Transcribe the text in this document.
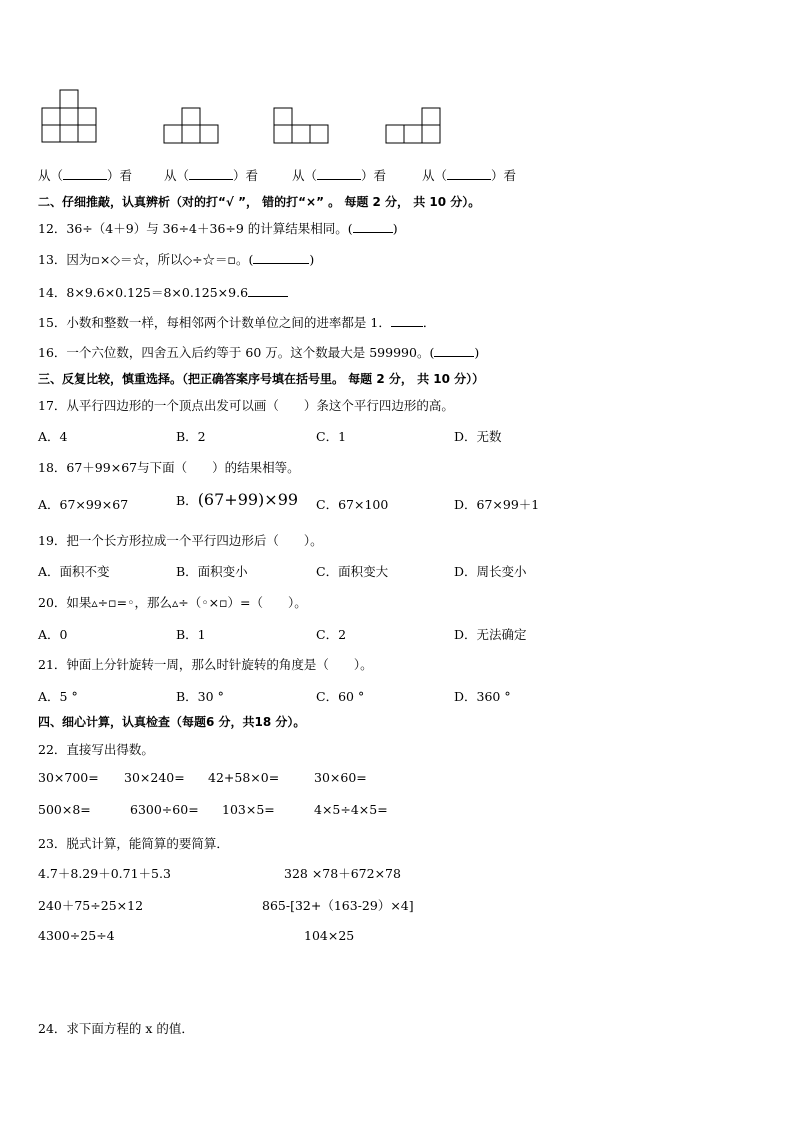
从（	）看	从（	）看	从（	）看	从（	）看
二、仔细推敲，认真辨析（对的打“√ ”， 错的打“×” 。 每题 2 分， 共 10 分）。
12．36÷（4＋9）与 36÷4＋36÷9 的计算结果相同。(	)
13．因为▫×◇＝☆，所以◇÷☆＝▫。(	)
14．8×9.6×0.125＝8×0.125×9.6
15．小数和整数一样，每相邻两个计数单位之间的进率都是 1．	．
16．一个六位数，四舍五入后约等于 60 万。这个数最大是 599990。(	)
三、反复比较，慎重选择。（把正确答案序号填在括号里。 每题 2 分， 共 10 分））
17．从平行四边形的一个顶点出发可以画（　　）条这个平行四边形的高。
A．4	B．2	C．1	D．无数
18．67＋99×67与下面（　　）的结果相等。
A．67×99×67	B．(67+99)×99 C．67×100	D．67×99＋1
19．把一个长方形拉成一个平行四边形后（　　）。
A．面积不变	B．面积变小	C．面积变大	D．周长变小
20．如果▵÷▫=◦，那么▵÷（◦×▫）=（　　）。
A．0	B．1	C．2	D．无法确定
21．钟面上分针旋转一周，那么时针旋转的角度是（　　）。
A．5 °	B．30 °	C．60 °	D．360 °
四、细心计算，认真检查（每题6 分，共18 分）。
22．直接写出得数。
30×700= 30×240= 42+58×0=	30×60=
500×8=	6300÷60= 103×5=	4×5÷4×5=
23．脱式计算，能简算的要简算．
4.7＋8.29＋0.71＋5.3	328 ×78＋672×78
240＋75÷25×12	865-[32+（163-29）×4]
4300÷25÷4	104×25
24．求下面方程的 x 的值．
